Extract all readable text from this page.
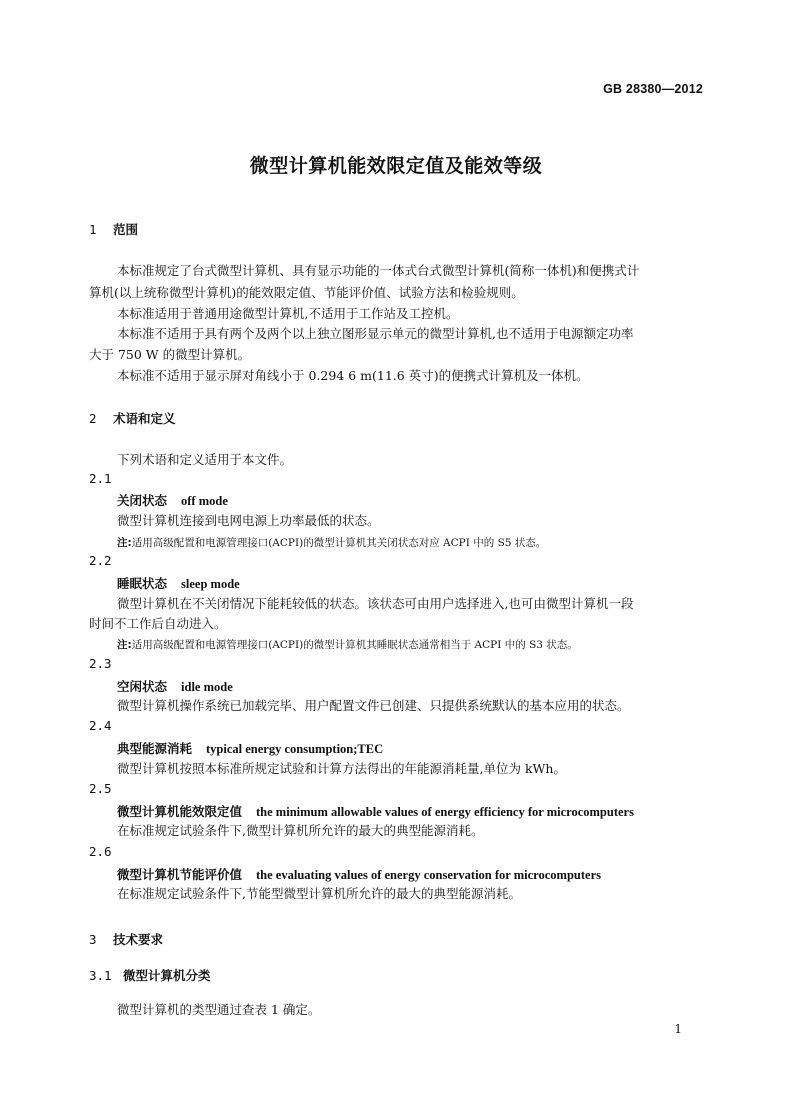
GB 28380—2012
微型计算机能效限定值及能效等级
1 范围
本标准规定了台式微型计算机、具有显示功能的一体式台式微型计算机(简称一体机)和便携式计
算机(以上统称微型计算机)的能效限定值、节能评价值、试验方法和检验规则。
本标准适用于普通用途微型计算机,不适用于工作站及工控机。
本标准不适用于具有两个及两个以上独立图形显示单元的微型计算机,也不适用于电源额定功率
大于 750 W 的微型计算机。
本标准不适用于显示屏对角线小于 0.294 6 m(11.6 英寸)的便携式计算机及一体机。
2 术语和定义
下列术语和定义适用于本文件。
2.1
关闭状态 off mode
微型计算机连接到电网电源上功率最低的状态。
注:适用高级配置和电源管理接口(ACPI)的微型计算机其关闭状态对应 ACPI 中的 S5 状态。
2.2
睡眠状态 sleep mode
微型计算机在不关闭情况下能耗较低的状态。该状态可由用户选择进入,也可由微型计算机一段
时间不工作后自动进入。
注:适用高级配置和电源管理接口(ACPI)的微型计算机其睡眠状态通常相当于 ACPI 中的 S3 状态。
2.3
空闲状态 idle mode
微型计算机操作系统已加载完毕、用户配置文件已创建、只提供系统默认的基本应用的状态。
2.4
典型能源消耗 typical energy consumption;TEC
微型计算机按照本标准所规定试验和计算方法得出的年能源消耗量,单位为 kWh。
2.5
微型计算机能效限定值 the minimum allowable values of energy efficiency for microcomputers
在标准规定试验条件下,微型计算机所允许的最大的典型能源消耗。
2.6
微型计算机节能评价值 the evaluating values of energy conservation for microcomputers
在标准规定试验条件下,节能型微型计算机所允许的最大的典型能源消耗。
3 技术要求
3.1 微型计算机分类
微型计算机的类型通过查表 1 确定。
1
